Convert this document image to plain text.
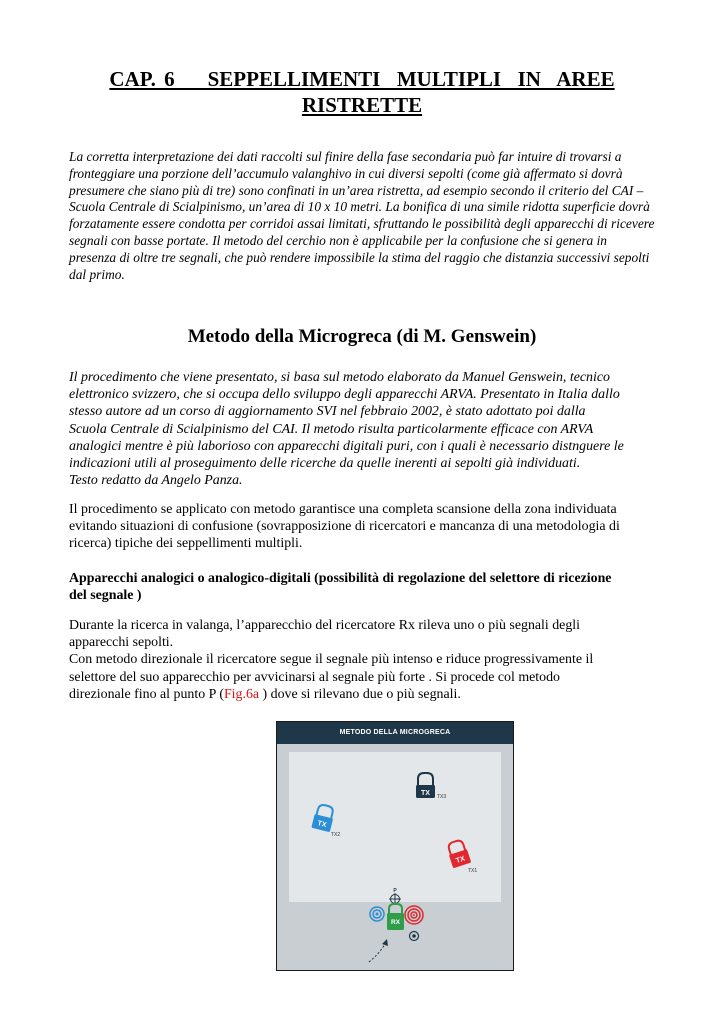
CAP. 6    SEPPELLIMENTI  MULTIPLI  IN  AREE
RISTRETTE
La corretta interpretazione dei dati raccolti sul finire della fase secondaria può far intuire di trovarsi a fronteggiare una porzione dell’accumulo valanghivo in cui diversi sepolti (come già affermato si dovrà presumere che siano più di tre) sono confinati in un’area ristretta, ad esempio secondo il criterio del CAI – Scuola Centrale di Scialpinismo, un’area di 10 x 10 metri. La bonifica di una simile ridotta superficie dovrà forzatamente essere condotta per corridoi assai limitati, sfruttando le possibilità degli apparecchi di ricevere segnali con basse portate. Il metodo del cerchio non è applicabile per la confusione che si genera in presenza di oltre tre segnali, che può rendere impossibile la stima del raggio che distanzia successivi sepolti dal primo.
Metodo della Microgreca (di M. Genswein)
Il procedimento che viene presentato, si basa sul metodo elaborato da Manuel Genswein, tecnico
elettronico svizzero, che si occupa dello sviluppo degli apparecchi ARVA. Presentato in Italia dallo
stesso autore ad un corso di aggiornamento SVI nel febbraio 2002, è stato adottato poi dalla
Scuola Centrale di Scialpinismo del CAI. Il metodo risulta particolarmente efficace con ARVA
analogici mentre è più laborioso con apparecchi digitali puri, con i quali è necessario distnguere le
indicazioni utili al proseguimento delle ricerche da quelle inerenti ai sepolti già individuati.
Testo redatto da Angelo Panza.
Il procedimento se applicato con metodo garantisce una completa scansione della zona individuata
evitando situazioni di confusione (sovrapposizione di ricercatori e mancanza di una metodologia di
ricerca) tipiche dei seppellimenti multipli.
Apparecchi analogici o analogico-digitali (possibilità di regolazione del selettore di ricezione
del segnale )
Durante la ricerca in valanga, l’apparecchio del ricercatore Rx rileva uno o più segnali degli
apparecchi sepolti.
Con metodo direzionale il ricercatore segue il segnale più intenso e riduce progressivamente il
selettore del suo apparecchio per avvicinarsi al segnale più forte . Si procede col metodo
direzionale fino al punto P (Fig.6a ) dove si rilevano due o più segnali.
METODO DELLA MICROGRECA
TX TX3
TX
TX2
TX
TX1
P
RX
